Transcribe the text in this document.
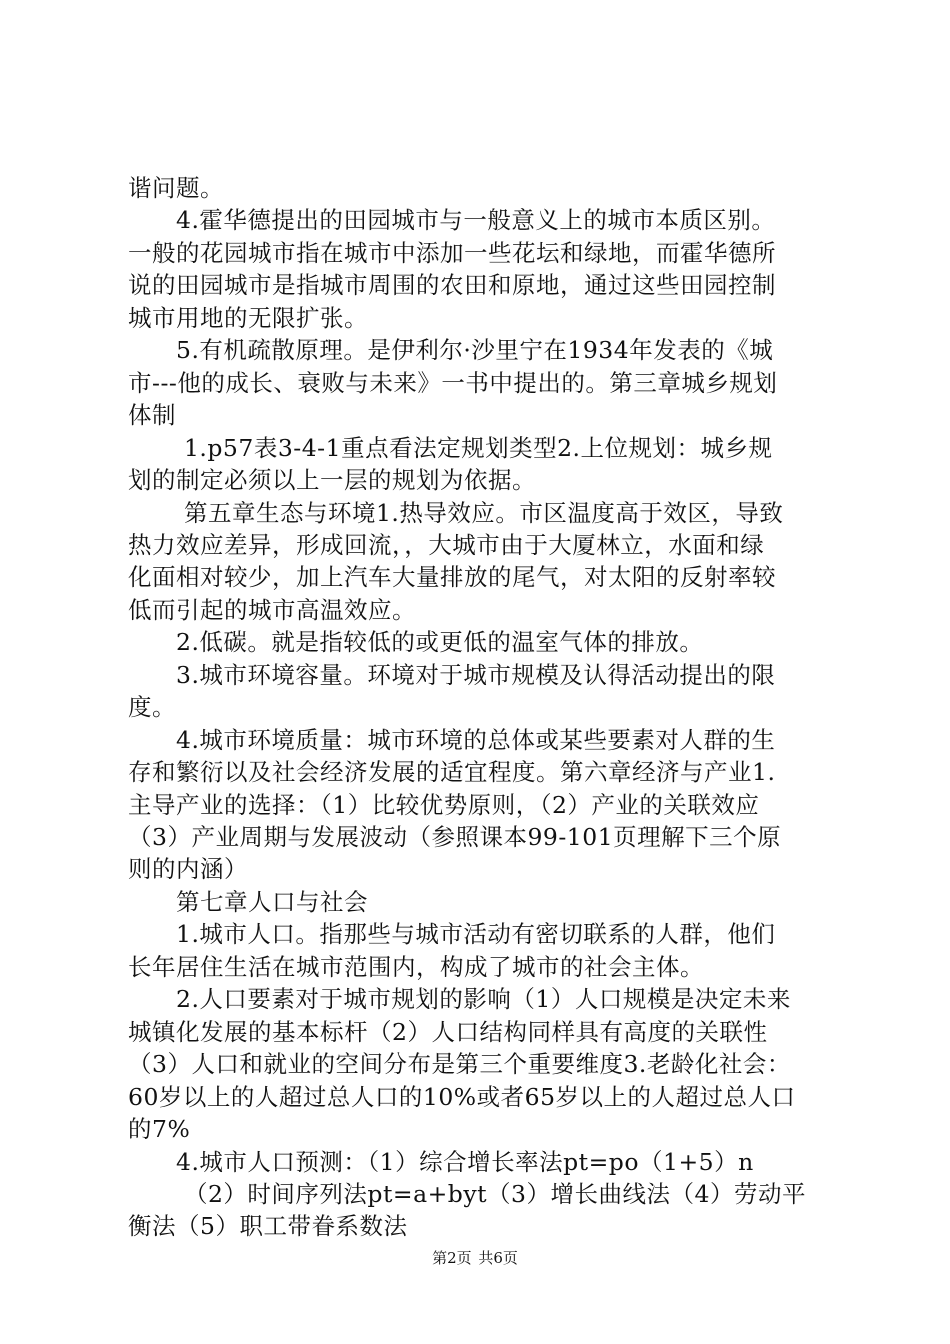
谐问题。
　　4.霍华德提出的田园城市与一般意义上的城市本质区别。
一般的花园城市指在城市中添加一些花坛和绿地，而霍华德所
说的田园城市是指城市周围的农田和原地，通过这些田园控制
城市用地的无限扩张。
　　5.有机疏散原理。是伊利尔·沙里宁在1934年发表的《城
市---他的成长、衰败与未来》一书中提出的。第三章城乡规划
体制
　　 1.p57表3-4-1重点看法定规划类型2.上位规划：城乡规
划的制定必须以上一层的规划为依据。
　　 第五章生态与环境1.热导效应。市区温度高于效区，导致
热力效应差异，形成回流，，大城市由于大厦林立，水面和绿
化面相对较少，加上汽车大量排放的尾气，对太阳的反射率较
低而引起的城市高温效应。
　　2.低碳。就是指较低的或更低的温室气体的排放。
　　3.城市环境容量。环境对于城市规模及认得活动提出的限
度。
　　4.城市环境质量：城市环境的总体或某些要素对人群的生
存和繁衍以及社会经济发展的适宜程度。第六章经济与产业1.
主导产业的选择：（1）比较优势原则，（2）产业的关联效应
（3）产业周期与发展波动（参照课本99-101页理解下三个原
则的内涵）
　　第七章人口与社会
　　1.城市人口。指那些与城市活动有密切联系的人群，他们
长年居住生活在城市范围内，构成了城市的社会主体。
　　2.人口要素对于城市规划的影响（1）人口规模是决定未来
城镇化发展的基本标杆（2）人口结构同样具有高度的关联性
（3）人口和就业的空间分布是第三个重要维度3.老龄化社会：
60岁以上的人超过总人口的10%或者65岁以上的人超过总人口
的7%
　　4.城市人口预测：（1）综合增长率法pt=po（1+5）n
　　 （2）时间序列法pt=a+byt（3）增长曲线法（4）劳动平
衡法（5）职工带眷系数法
第2页 共6页
